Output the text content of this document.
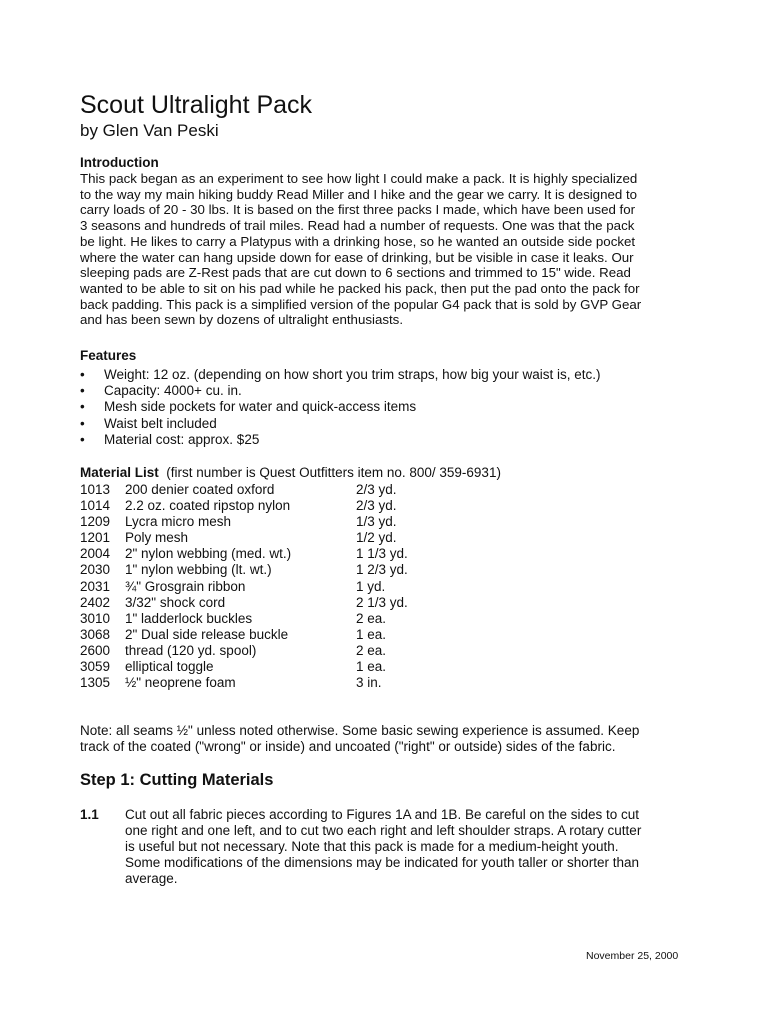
Scout Ultralight Pack
by Glen Van Peski
Introduction
This pack began as an experiment to see how light I could make a pack. It is highly specialized
to the way my main hiking buddy Read Miller and I hike and the gear we carry. It is designed to
carry loads of 20 - 30 lbs. It is based on the first three packs I made, which have been used for
3 seasons and hundreds of trail miles. Read had a number of requests. One was that the pack
be light. He likes to carry a Platypus with a drinking hose, so he wanted an outside side pocket
where the water can hang upside down for ease of drinking, but be visible in case it leaks. Our
sleeping pads are Z-Rest pads that are cut down to 6 sections and trimmed to 15" wide. Read
wanted to be able to sit on his pad while he packed his pack, then put the pad onto the pack for
back padding. This pack is a simplified version of the popular G4 pack that is sold by GVP Gear
and has been sewn by dozens of ultralight enthusiasts.
Features
• Weight: 12 oz. (depending on how short you trim straps, how big your waist is, etc.)
• Capacity: 4000+ cu. in.
• Mesh side pockets for water and quick-access items
• Waist belt included
• Material cost: approx. $25
Material List (first number is Quest Outfitters item no. 800/ 359-6931)
1013	200 denier coated oxford	2/3 yd.
1014	2.2 oz. coated ripstop nylon	2/3 yd.
1209	Lycra micro mesh	1/3 yd.
1201	Poly mesh	1/2 yd.
2004	2" nylon webbing (med. wt.)	1 1/3 yd.
2030	1" nylon webbing (lt. wt.)	1 2/3 yd.
2031	¾" Grosgrain ribbon	1 yd.
2402	3/32" shock cord	2 1/3 yd.
3010	1" ladderlock buckles	2 ea.
3068	2" Dual side release buckle	1 ea.
2600	thread (120 yd. spool)	2 ea.
3059	elliptical toggle	1 ea.
1305	½" neoprene foam	3 in.
Note: all seams ½" unless noted otherwise. Some basic sewing experience is assumed. Keep
track of the coated ("wrong" or inside) and uncoated ("right" or outside) sides of the fabric.
Step 1: Cutting Materials
1.1 Cut out all fabric pieces according to Figures 1A and 1B. Be careful on the sides to cut
one right and one left, and to cut two each right and left shoulder straps. A rotary cutter
is useful but not necessary. Note that this pack is made for a medium-height youth.
Some modifications of the dimensions may be indicated for youth taller or shorter than
average.
November 25, 2000
